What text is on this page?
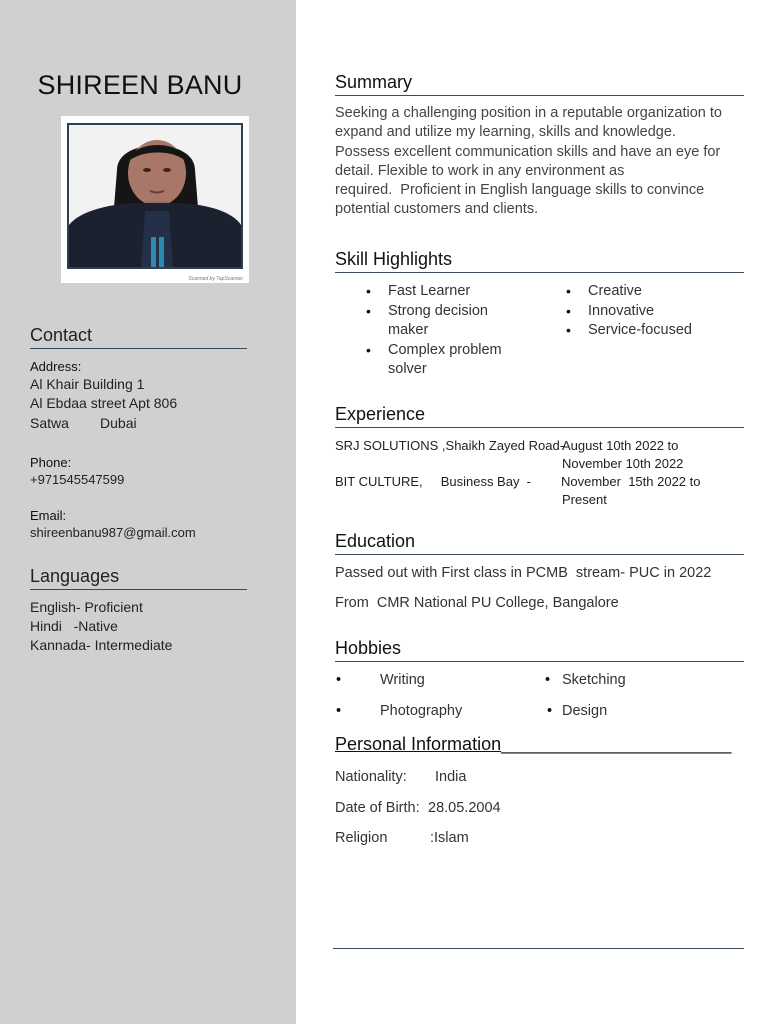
SHIREEN BANU
Scanned by TapScanner
Contact
Address:
Al Khair Building 1
Al Ebdaa street Apt 806
Satwa        Dubai
Phone:
+971545547599
Email:
shireenbanu987@gmail.com
Languages
English- Proficient
Hindi   -Native
Kannada- Intermediate
Summary
Seeking a challenging position in a reputable organization to
expand and utilize my learning, skills and knowledge.
Possess excellent communication skills and have an eye for
detail. Flexible to work in any environment as
required.  Proficient in English language skills to convince
potential customers and clients.
Skill Highlights
• Fast Learner
• Strong decision
maker
• Complex problem
solver
• Creative
• Innovative
• Service-focused
Experience
SRJ SOLUTIONS ,Shaikh Zayed Road-
August 10th 2022 to
November 10th 2022
BIT CULTURE,     Business Bay  - November  15th 2022 to
Present
Education
Passed out with First class in PCMB  stream- PUC in 2022
From  CMR National PU College, Bangalore
Hobbies
•	Writing
•	Photography
• Sketching
• Design
Personal Information_______________________
Nationality: India
Date of Birth: 28.05.2004
Religion	:Islam
